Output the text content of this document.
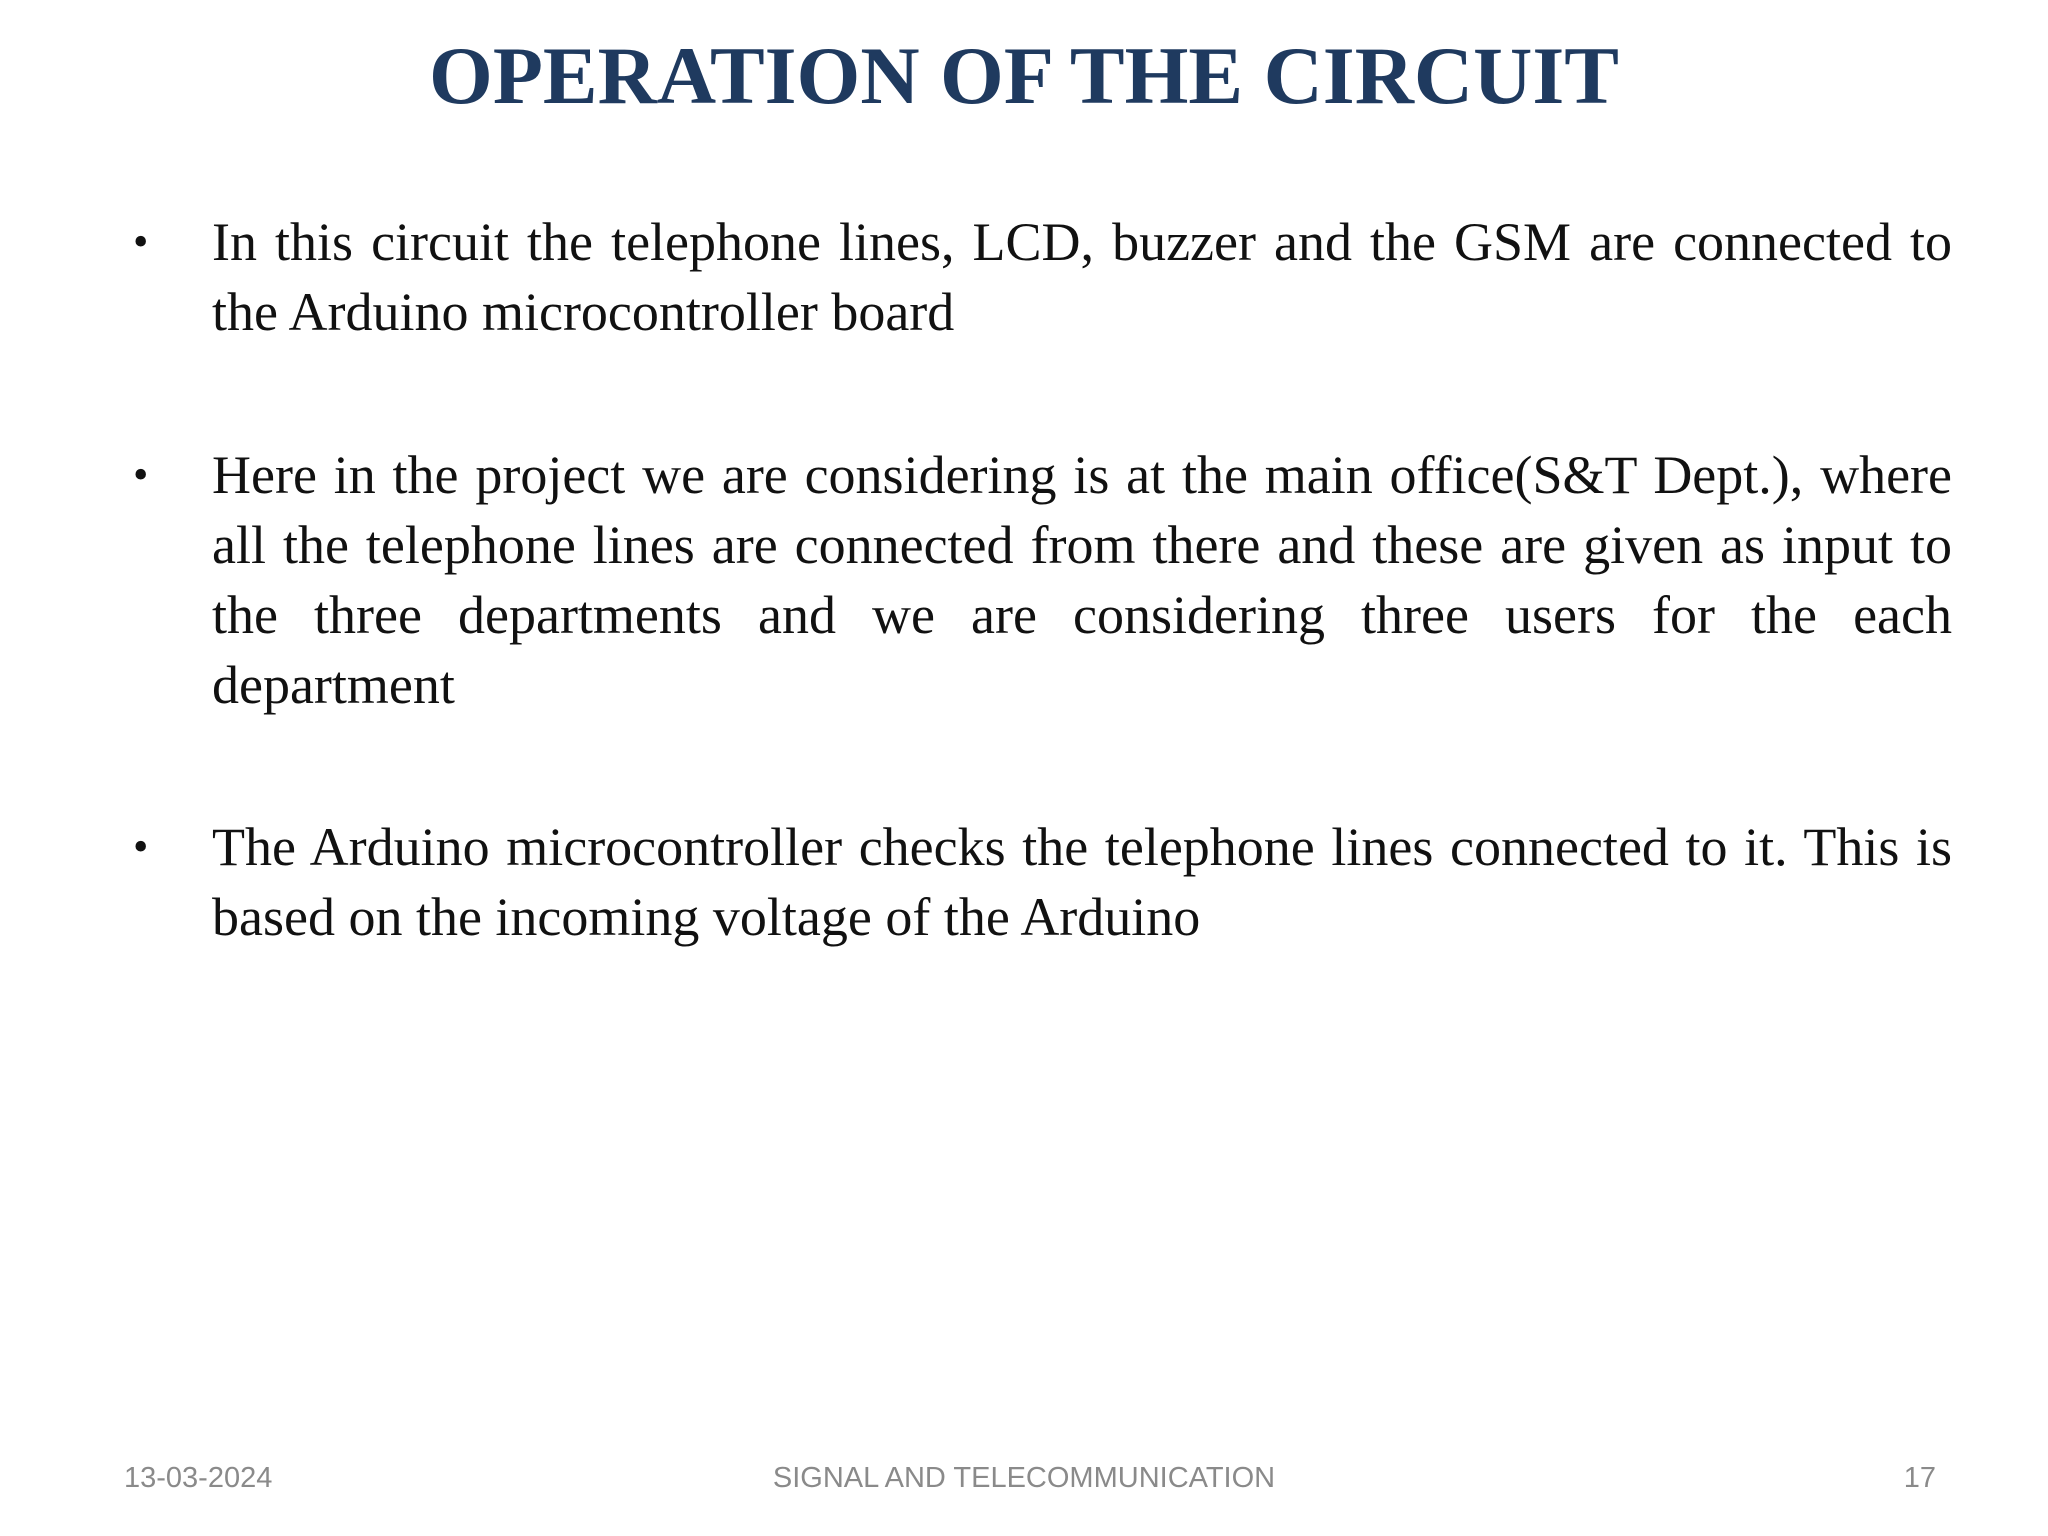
OPERATION OF THE CIRCUIT
• In this circuit the telephone lines, LCD, buzzer and the GSM are connected to the Arduino microcontroller board

• Here in the project we are considering is at the main office(S&T Dept.), where all the telephone lines are connected from there and these are given as input to the three departments and we are considering three users for the each department

• The Arduino microcontroller checks the telephone lines connected to it. This is based on the incoming voltage of the Arduino

13-03-2024	SIGNAL AND TELECOMMUNICATION	17
